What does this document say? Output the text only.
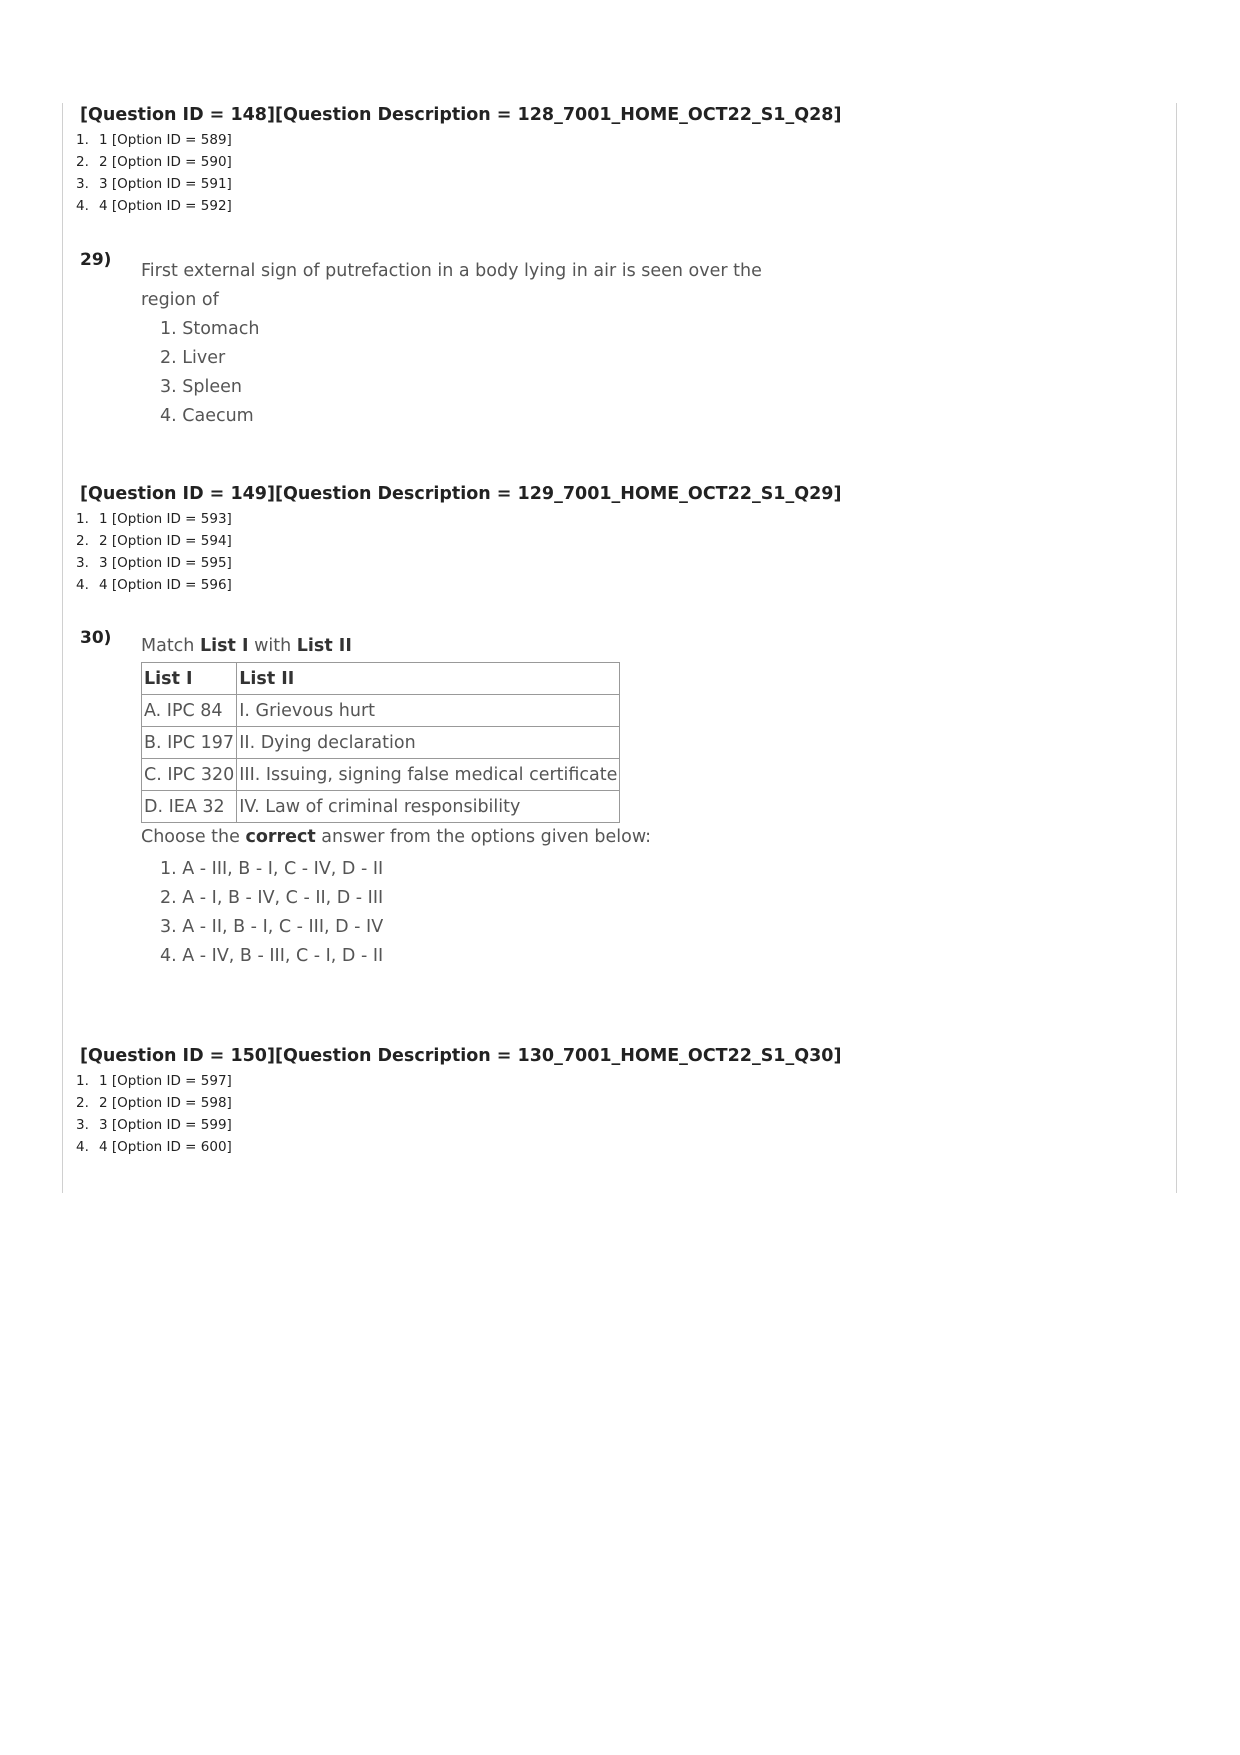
[Question ID = 148][Question Description = 128_7001_HOME_OCT22_S1_Q28]
1. 1 [Option ID = 589]
2. 2 [Option ID = 590]
3. 3 [Option ID = 591]
4. 4 [Option ID = 592]
29)
First external sign of putrefaction in a body lying in air is seen over the
region of
1. Stomach
2. Liver
3. Spleen
4. Caecum
[Question ID = 149][Question Description = 129_7001_HOME_OCT22_S1_Q29]
1. 1 [Option ID = 593]
2. 2 [Option ID = 594]
3. 3 [Option ID = 595]
4. 4 [Option ID = 596]
30) Match List I with List II
List I	List II
A. IPC 84	I. Grievous hurt
B. IPC 197	II. Dying declaration
C. IPC 320	III. Issuing, signing false medical certificate
D. IEA 32	IV. Law of criminal responsibility
Choose the correct answer from the options given below:
1. A - III, B - I, C - IV, D - II
2. A - I, B - IV, C - II, D - III
3. A - II, B - I, C - III, D - IV
4. A - IV, B - III, C - I, D - II
[Question ID = 150][Question Description = 130_7001_HOME_OCT22_S1_Q30]
1. 1 [Option ID = 597]
2. 2 [Option ID = 598]
3. 3 [Option ID = 599]
4. 4 [Option ID = 600]
